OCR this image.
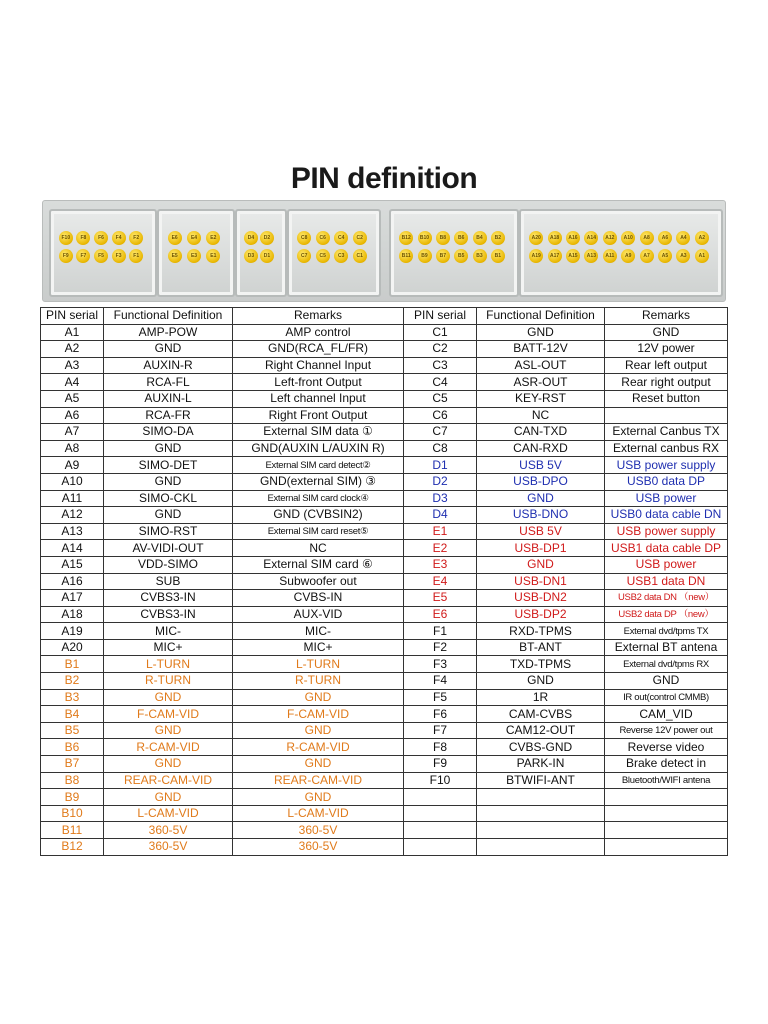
PIN definition
F10	F8	F6	F4	F2
F9	F7	F5	F3	F1
E6	E4	E2
E5	E3	E1
D4	D2
D3	D1
C8	C6	C4	C2
C7	C5	C3	C1
B12	B10	B8	B6	B4	B2
B11	B9	B7	B5	B3	B1
A20	A18	A16	A14	A12	A10	A8	A6	A4	A2
A19	A17	A15	A13	A11	A9	A7	A5	A3	A1
PIN serial	Functional Definition	Remarks	PIN serial	Functional Definition	Remarks
A1	AMP-POW	AMP control	C1	GND	GND
A2	GND	GND(RCA_FL/FR)	C2	BATT-12V	12V power
A3	AUXIN-R	Right Channel Input	C3	ASL-OUT	Rear left output
A4	RCA-FL	Left-front Output	C4	ASR-OUT	Rear right output
A5	AUXIN-L	Left channel Input	C5	KEY-RST	Reset button
A6	RCA-FR	Right Front Output	C6	NC	
A7	SIMO-DA	External SIM data ①	C7	CAN-TXD	External Canbus TX
A8	GND	GND(AUXIN L/AUXIN R)	C8	CAN-RXD	External canbus RX
A9	SIMO-DET	External SIM card detect②	D1	USB 5V	USB power supply
A10	GND	GND(external SIM) ③	D2	USB-DPO	USB0 data DP
A11	SIMO-CKL	External SIM card clock④	D3	GND	USB power
A12	GND	GND (CVBSIN2)	D4	USB-DNO	USB0 data cable DN
A13	SIMO-RST	External SIM card reset⑤	E1	USB 5V	USB power supply
A14	AV-VIDI-OUT	NC	E2	USB-DP1	USB1 data cable DP
A15	VDD-SIMO	External SIM card ⑥	E3	GND	USB power
A16	SUB	Subwoofer out	E4	USB-DN1	USB1 data DN
A17	CVBS3-IN	CVBS-IN	E5	USB-DN2	USB2 data DN （new）
A18	CVBS3-IN	AUX-VID	E6	USB-DP2	USB2 data DP （new）
A19	MIC-	MIC-	F1	RXD-TPMS	External dvd/tpms TX
A20	MIC+	MIC+	F2	BT-ANT	External BT antena
B1	L-TURN	L-TURN	F3	TXD-TPMS	External dvd/tpms RX
B2	R-TURN	R-TURN	F4	GND	GND
B3	GND	GND	F5	1R	IR out(control CMMB)
B4	F-CAM-VID	F-CAM-VID	F6	CAM-CVBS	CAM_VID
B5	GND	GND	F7	CAM12-OUT	Reverse 12V power out
B6	R-CAM-VID	R-CAM-VID	F8	CVBS-GND	Reverse video
B7	GND	GND	F9	PARK-IN	Brake detect in
B8	REAR-CAM-VID	REAR-CAM-VID	F10	BTWIFI-ANT	Bluetooth/WIFI antena
B9	GND	GND			
B10	L-CAM-VID	L-CAM-VID			
B11	360-5V	360-5V			
B12	360-5V	360-5V			
